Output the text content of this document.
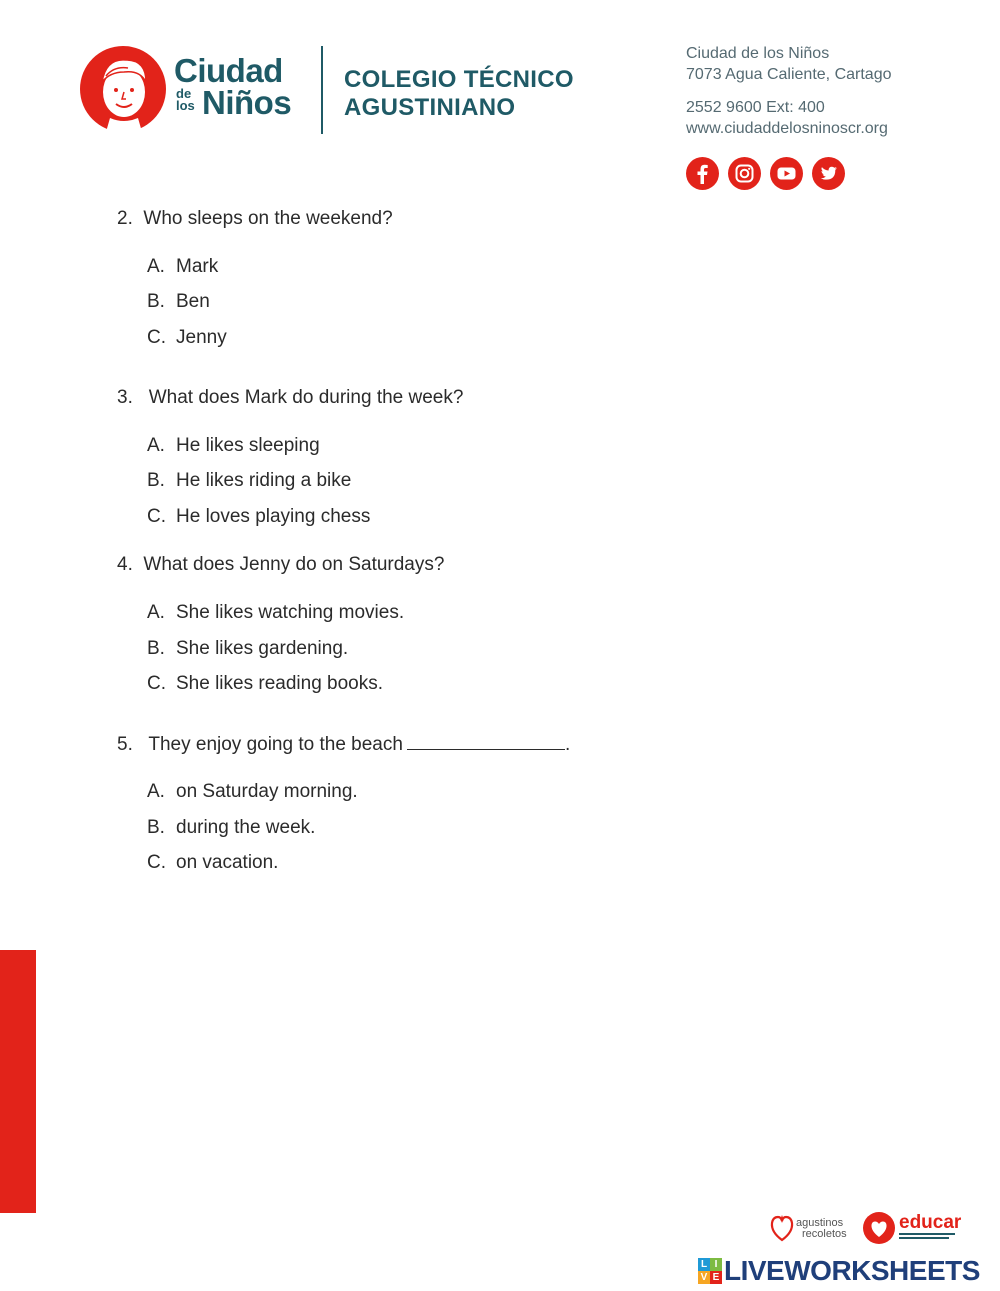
Ciudad
de
los Niños
COLEGIO TÉCNICO
AGUSTINIANO
Ciudad de los Niños
7073 Agua Caliente, Cartago
2552 9600 Ext: 400
www.ciudaddelosninoscr.org
2. Who sleeps on the weekend?
A. Mark
B. Ben
C. Jenny
3. What does Mark do during the week?
A. He likes sleeping
B. He likes riding a bike
C. He loves playing chess
4. What does Jenny do on Saturdays?
A. She likes watching movies.
B. She likes gardening.
C. She likes reading books.
5. They enjoy going to the beach	.
A. on Saturday morning.
B. during the week.
C. on vacation.
agustinos
recoletos
educar
L I
V E LIVEWORKSHEETS
